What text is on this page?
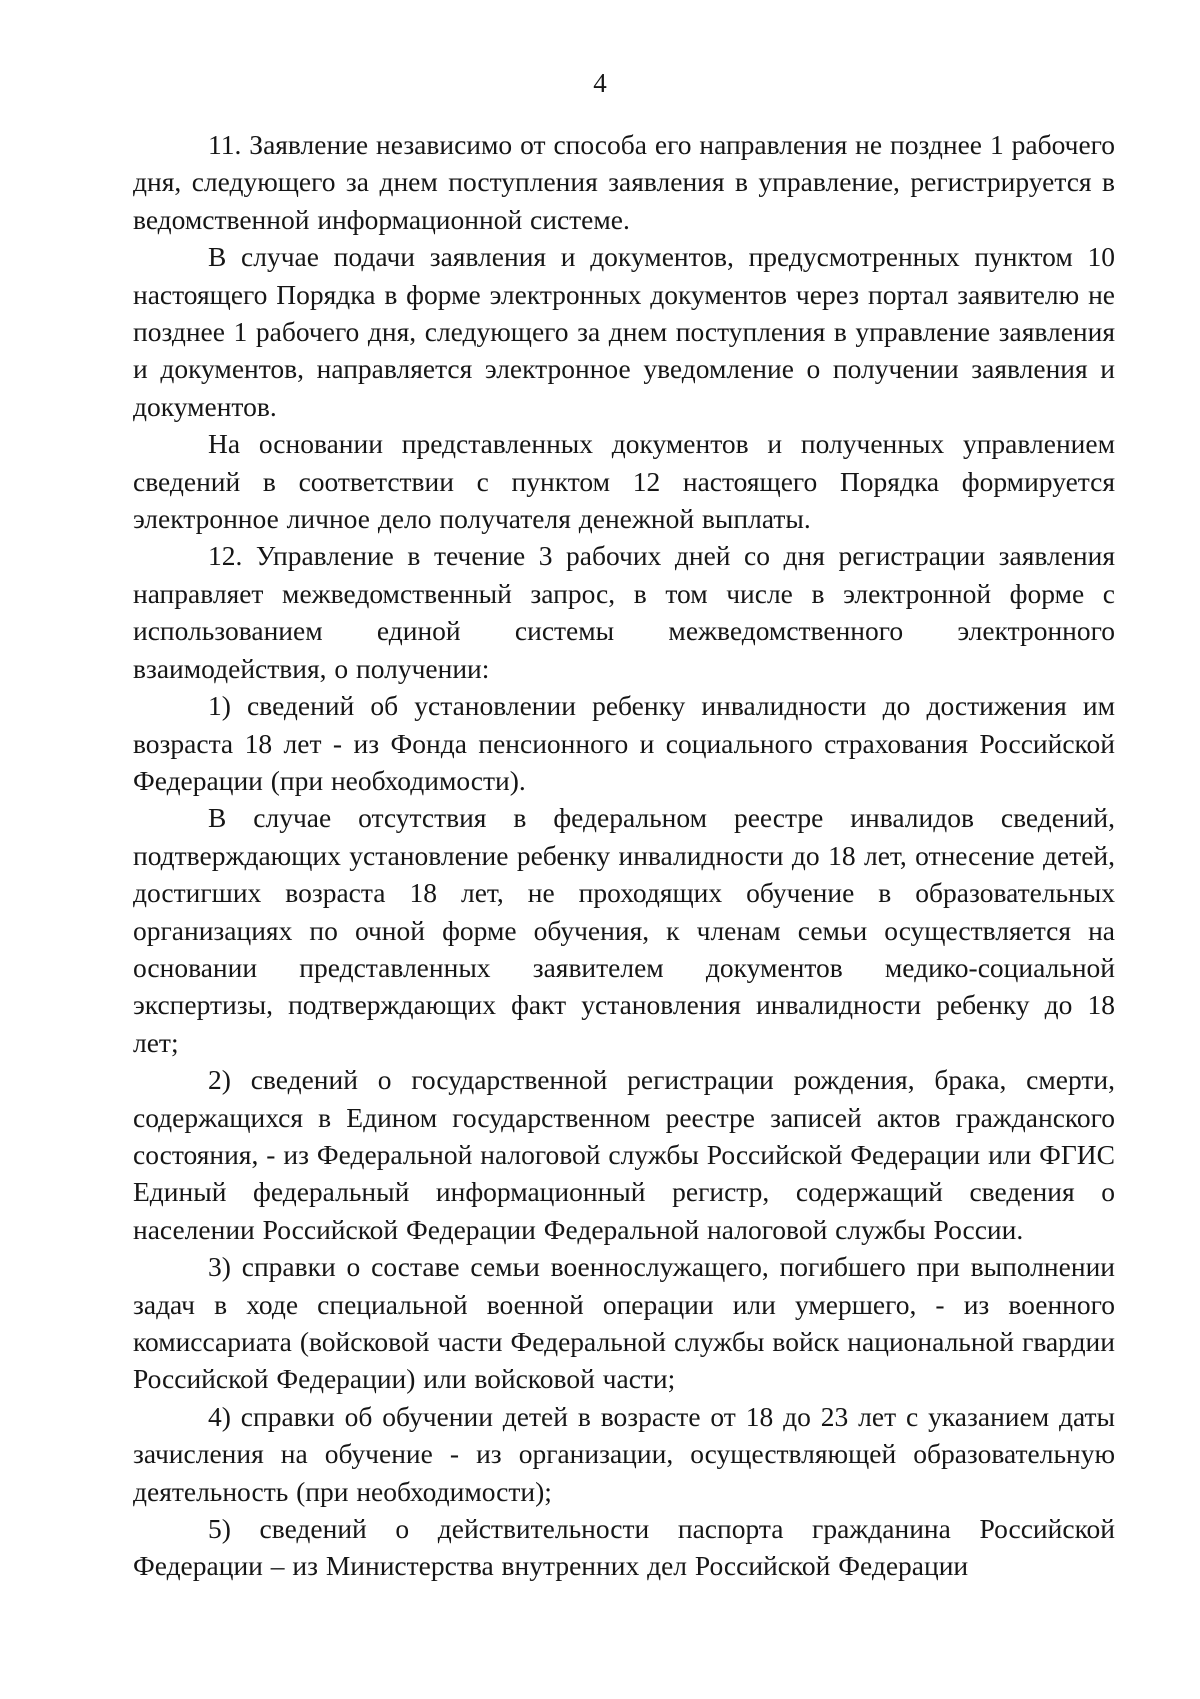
4

11. Заявление независимо от способа его направления не позднее 1 рабочего дня, следующего за днем поступления заявления в управление, регистрируется в ведомственной информационной системе.

В случае подачи заявления и документов, предусмотренных пунктом 10 настоящего Порядка в форме электронных документов через портал заявителю не позднее 1 рабочего дня, следующего за днем поступления в управление заявления и документов, направляется электронное уведомление о получении заявления и документов.

На основании представленных документов и полученных управлением сведений в соответствии с пунктом 12 настоящего Порядка формируется электронное личное дело получателя денежной выплаты.

12. Управление в течение 3 рабочих дней со дня регистрации заявления направляет межведомственный запрос, в том числе в электронной форме с использованием единой системы межведомственного электронного взаимодействия, о получении:

1) сведений об установлении ребенку инвалидности до достижения им возраста 18 лет - из Фонда пенсионного и социального страхования Российской Федерации (при необходимости).

В случае отсутствия в федеральном реестре инвалидов сведений, подтверждающих установление ребенку инвалидности до 18 лет, отнесение детей, достигших возраста 18 лет, не проходящих обучение в образовательных организациях по очной форме обучения, к членам семьи осуществляется на основании представленных заявителем документов медико-социальной экспертизы, подтверждающих факт установления инвалидности ребенку до 18 лет;

2) сведений о государственной регистрации рождения, брака, смерти, содержащихся в Едином государственном реестре записей актов гражданского состояния, - из Федеральной налоговой службы Российской Федерации или ФГИС Единый федеральный информационный регистр, содержащий сведения о населении Российской Федерации Федеральной налоговой службы России.

3) справки о составе семьи военнослужащего, погибшего при выполнении задач в ходе специальной военной операции или умершего, - из военного комиссариата (войсковой части Федеральной службы войск национальной гвардии Российской Федерации) или войсковой части;

4) справки об обучении детей в возрасте от 18 до 23 лет с указанием даты зачисления на обучение - из организации, осуществляющей образовательную деятельность (при необходимости);

5) сведений о действительности паспорта гражданина Российской Федерации – из Министерства внутренних дел Российской Федерации
